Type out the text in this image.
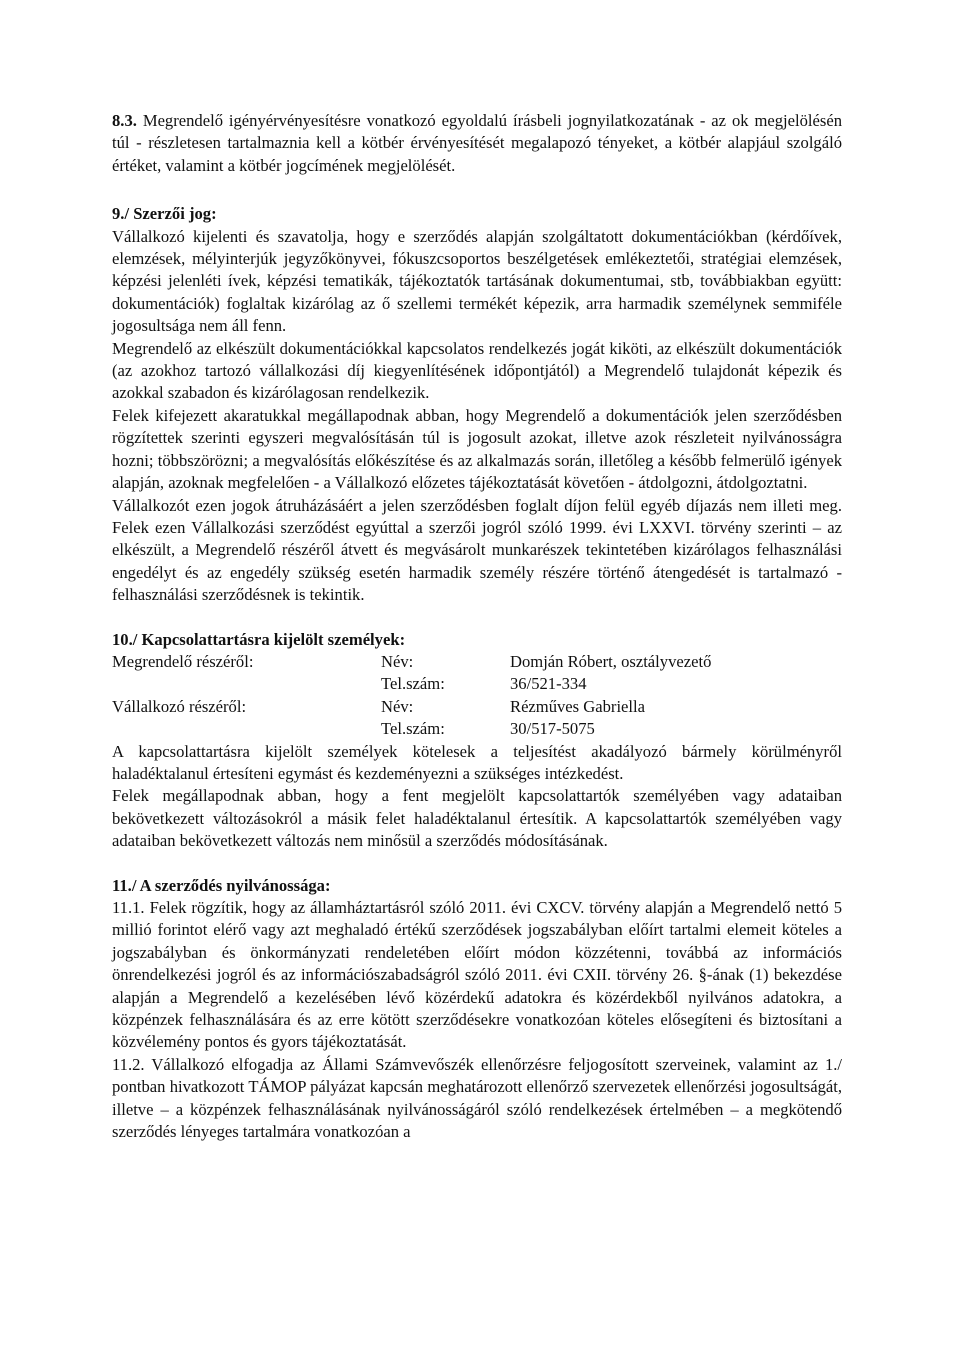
8.3. Megrendelő igényérvényesítésre vonatkozó egyoldalú írásbeli jognyilatkozatának - az ok megjelölésén túl - részletesen tartalmaznia kell a kötbér érvényesítését megalapozó tényeket, a kötbér alapjául szolgáló értéket, valamint a kötbér jogcímének megjelölését.

9./ Szerzői jog:

Vállalkozó kijelenti és szavatolja, hogy e szerződés alapján szolgáltatott dokumentációkban (kérdőívek, elemzések, mélyinterjúk jegyzőkönyvei, fókuszcsoportos beszélgetések emlékeztetői, stratégiai elemzések, képzési jelenléti ívek, képzési tematikák, tájékoztatók tartásának dokumentumai, stb, továbbiakban együtt: dokumentációk) foglaltak kizárólag az ő szellemi termékét képezik, arra harmadik személynek semmiféle jogosultsága nem áll fenn.

Megrendelő az elkészült dokumentációkkal kapcsolatos rendelkezés jogát kiköti, az elkészült dokumentációk (az azokhoz tartozó vállalkozási díj kiegyenlítésének időpontjától) a Megrendelő tulajdonát képezik és azokkal szabadon és kizárólagosan rendelkezik.

Felek kifejezett akaratukkal megállapodnak abban, hogy Megrendelő a dokumentációk jelen szerződésben rögzítettek szerinti egyszeri megvalósításán túl is jogosult azokat, illetve azok részleteit nyilvánosságra hozni; többszörözni; a megvalósítás előkészítése és az alkalmazás során, illetőleg a később felmerülő igények alapján, azoknak megfelelően - a Vállalkozó előzetes tájékoztatását követően - átdolgozni, átdolgoztatni.

Vállalkozót ezen jogok átruházásáért a jelen szerződésben foglalt díjon felül egyéb díjazás nem illeti meg. Felek ezen Vállalkozási szerződést egyúttal a szerzői jogról szóló 1999. évi LXXVI. törvény szerinti – az elkészült, a Megrendelő részéről átvett és megvásárolt munkarészek tekintetében kizárólagos felhasználási engedélyt és az engedély szükség esetén harmadik személy részére történő átengedését is tartalmazó - felhasználási szerződésnek is tekintik.

10./ Kapcsolattartásra kijelölt személyek:
Megrendelő részéről:	Név:	Domján Róbert, osztályvezető
Tel.szám:	36/521-334
Vállalkozó részéről:	Név:	Rézműves Gabriella
Tel.szám:	30/517-5075

A kapcsolattartásra kijelölt személyek kötelesek a teljesítést akadályozó bármely körülményről haladéktalanul értesíteni egymást és kezdeményezni a szükséges intézkedést.

Felek megállapodnak abban, hogy a fent megjelölt kapcsolattartók személyében vagy adataiban bekövetkezett változásokról a másik felet haladéktalanul értesítik. A kapcsolattartók személyében vagy adataiban bekövetkezett változás nem minősül a szerződés módosításának.

11./ A szerződés nyilvánossága:

11.1. Felek rögzítik, hogy az államháztartásról szóló 2011. évi CXCV. törvény alapján a Megrendelő nettó 5 millió forintot elérő vagy azt meghaladó értékű szerződések jogszabályban előírt tartalmi elemeit köteles a jogszabályban és önkormányzati rendeletében előírt módon közzétenni, továbbá az információs önrendelkezési jogról és az információszabadságról szóló 2011. évi CXII. törvény 26. §-ának (1) bekezdése alapján a Megrendelő a kezelésében lévő közérdekű adatokra és közérdekből nyilvános adatokra, a közpénzek felhasználására és az erre kötött szerződésekre vonatkozóan köteles elősegíteni és biztosítani a közvélemény pontos és gyors tájékoztatását.

11.2. Vállalkozó elfogadja az Állami Számvevőszék ellenőrzésre feljogosított szerveinek, valamint az 1./ pontban hivatkozott TÁMOP pályázat kapcsán meghatározott ellenőrző szervezetek ellenőrzési jogosultságát, illetve – a közpénzek felhasználásának nyilvánosságáról szóló rendelkezések értelmében – a megkötendő szerződés lényeges tartalmára vonatkozóan a
